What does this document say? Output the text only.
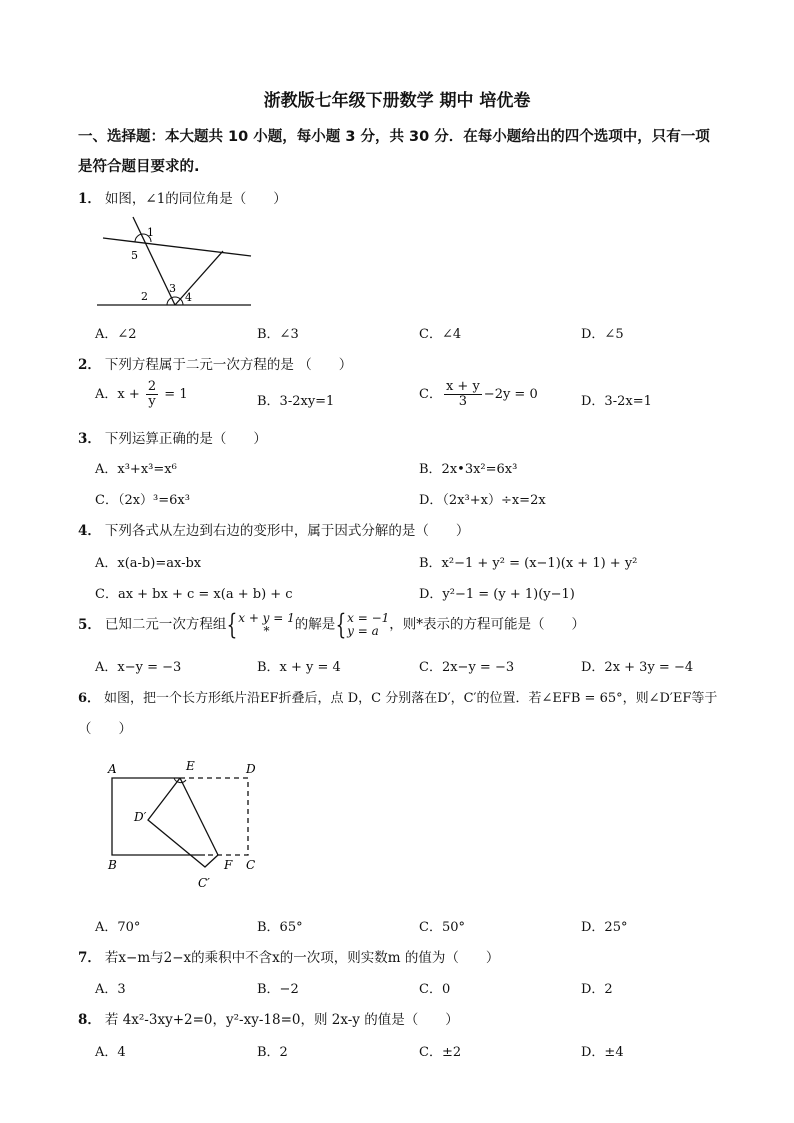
浙教版七年级下册数学 期中 培优卷
一、选择题：本大题共 10 小题，每小题 3 分，共 30 分．在每小题给出的四个选项中，只有一项
是符合题目要求的.
1． 如图，∠1的同位角是（　　）
1
5
2
3
4
A．∠2	B．∠3	C．∠4	D．∠5
2． 下列方程属于二元一次方程的是 （　　）
A．$x + \frac{2}{y} = 1$	B．3-2xy=1	C． $\frac{x + y}{3} -2y = 0$	D．3-2x=1
3． 下列运算正确的是（　　）
A．x³+x³=x⁶	B．2x•3x²=6x³
C．（2x）³=6x³	D．（2x³+x）÷x=2x
4． 下列各式从左边到右边的变形中，属于因式分解的是（　　）
A．x(a-b)=ax-bx	B．x²−1 + y² = (x−1)(x + 1) + y²
C．ax + bx + c = x(a + b) + c	D．y²−1 = (y + 1)(y−1)
5． 已知二元一次方程组{ x + y = 1
*	的解是{ x = −1
y = a ，则*表示的方程可能是（　　）
A．x−y = −3	B．x + y = 4	C．2x−y = −3	D．2x + 3y = −4
6． 如图，把一个长方形纸片沿EF折叠后，点 D，C 分别落在D′，C′的位置．若∠EFB = 65°，则∠D′EF等于
（　　）
A	E	D
D′
B	F C
C′
A．70°	B．65°	C．50°	D．25°
7． 若x−m与2−x的乘积中不含x的一次项，则实数m 的值为（　　）
A．3	B．−2	C．0	D．2
8． 若 4x²-3xy+2=0，y²-xy-18=0，则 2x-y 的值是（　　）
A．4	B．2	C．±2	D．±4
